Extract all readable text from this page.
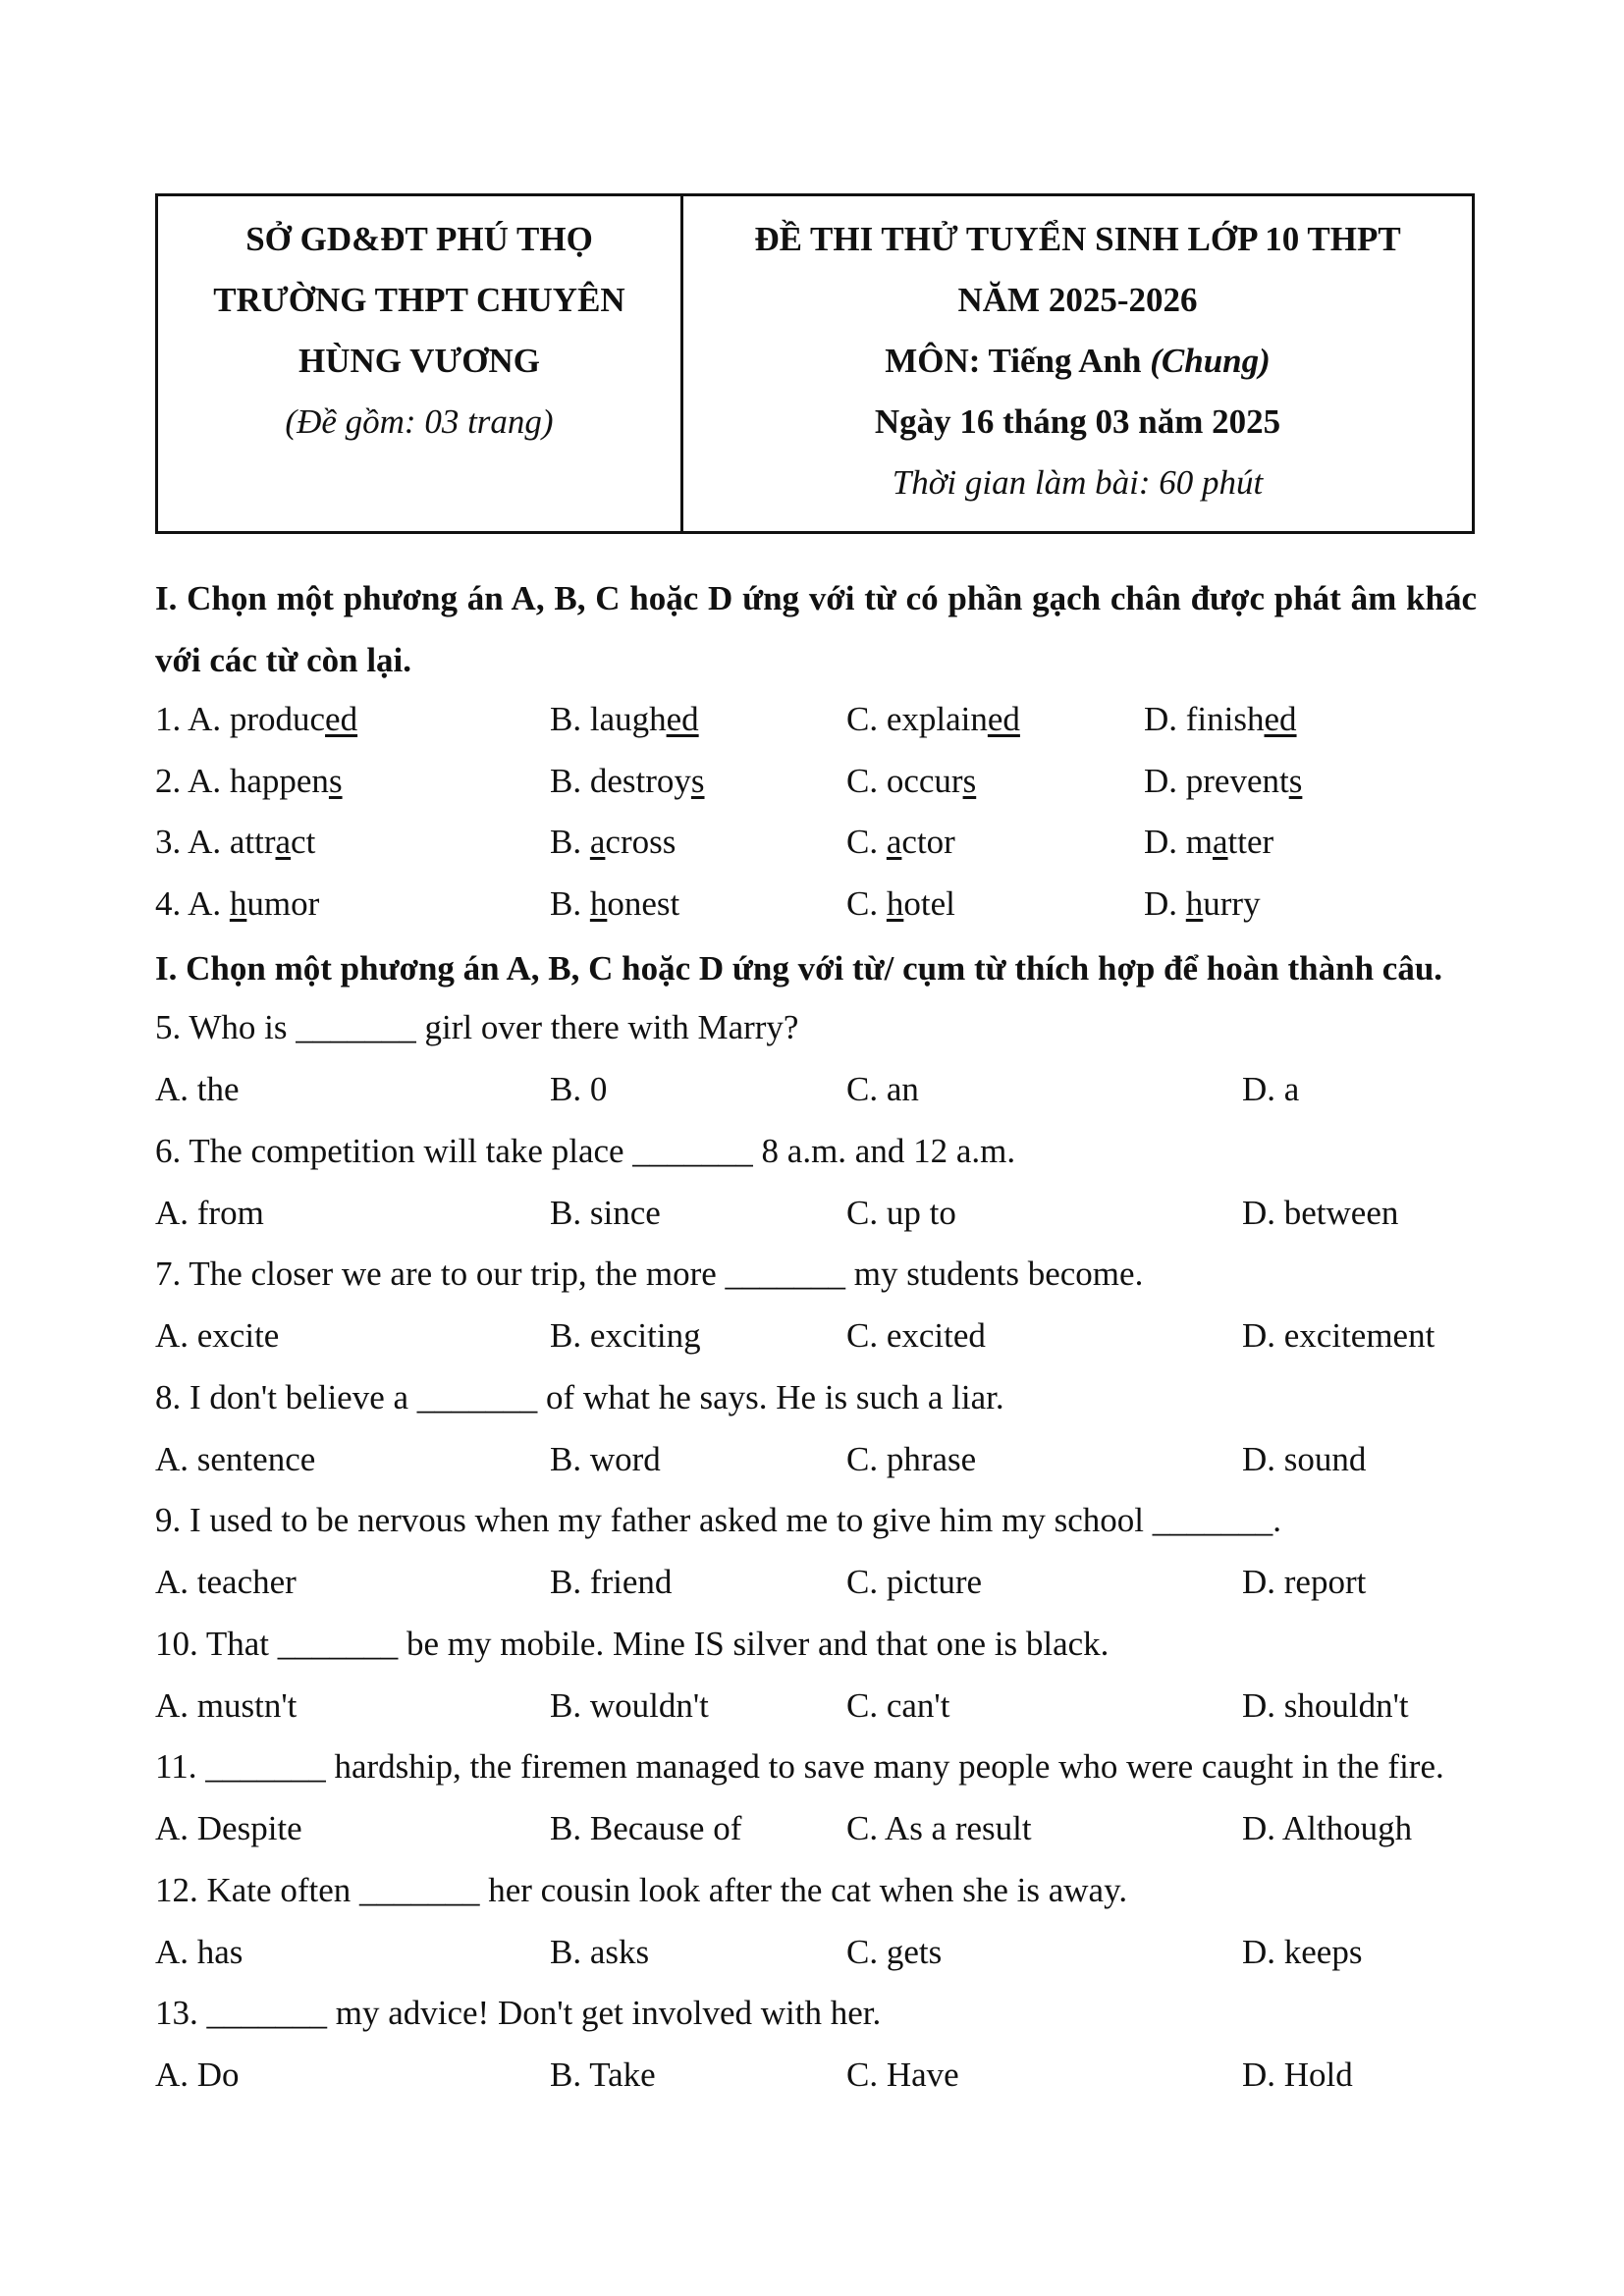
SỞ GD&ĐT PHÚ THỌ
TRƯỜNG THPT CHUYÊN
HÙNG VƯƠNG
(Đề gồm: 03 trang)

ĐỀ THI THỬ TUYỂN SINH LỚP 10 THPT
NĂM 2025-2026
MÔN: Tiếng Anh (Chung)
Ngày 16 tháng 03 năm 2025
Thời gian làm bài: 60 phút
I. Chọn một phương án A, B, C hoặc D ứng với từ có phần gạch chân được phát âm khác với các từ còn lại.
1. A. produced	B. laughed	C. explained	D. finished
2. A. happens	B. destroys	C. occurs	D. prevents
3. A. attract	B. across	C. actor	D. matter
4. A. humor	B. honest	C. hotel	D. hurry
I. Chọn một phương án A, B, C hoặc D ứng với từ/ cụm từ thích hợp để hoàn thành câu.
5. Who is _______ girl over there with Marry?
A. the	B. 0	C. an	D. a
6. The competition will take place _______ 8 a.m. and 12 a.m.
A. from	B. since	C. up to	D. between
7. The closer we are to our trip, the more _______ my students become.
A. excite	B. exciting	C. excited	D. excitement
8. I don't believe a _______ of what he says. He is such a liar.
A. sentence	B. word	C. phrase	D. sound
9. I used to be nervous when my father asked me to give him my school _______.
A. teacher	B. friend	C. picture	D. report
10. That _______ be my mobile. Mine IS silver and that one is black.
A. mustn't	B. wouldn't	C. can't	D. shouldn't
11. _______ hardship, the firemen managed to save many people who were caught in the fire.
A. Despite	B. Because of	C. As a result	D. Although
12. Kate often _______ her cousin look after the cat when she is away.
A. has	B. asks	C. gets	D. keeps
13. _______ my advice! Don't get involved with her.
A. Do	B. Take	C. Have	D. Hold
